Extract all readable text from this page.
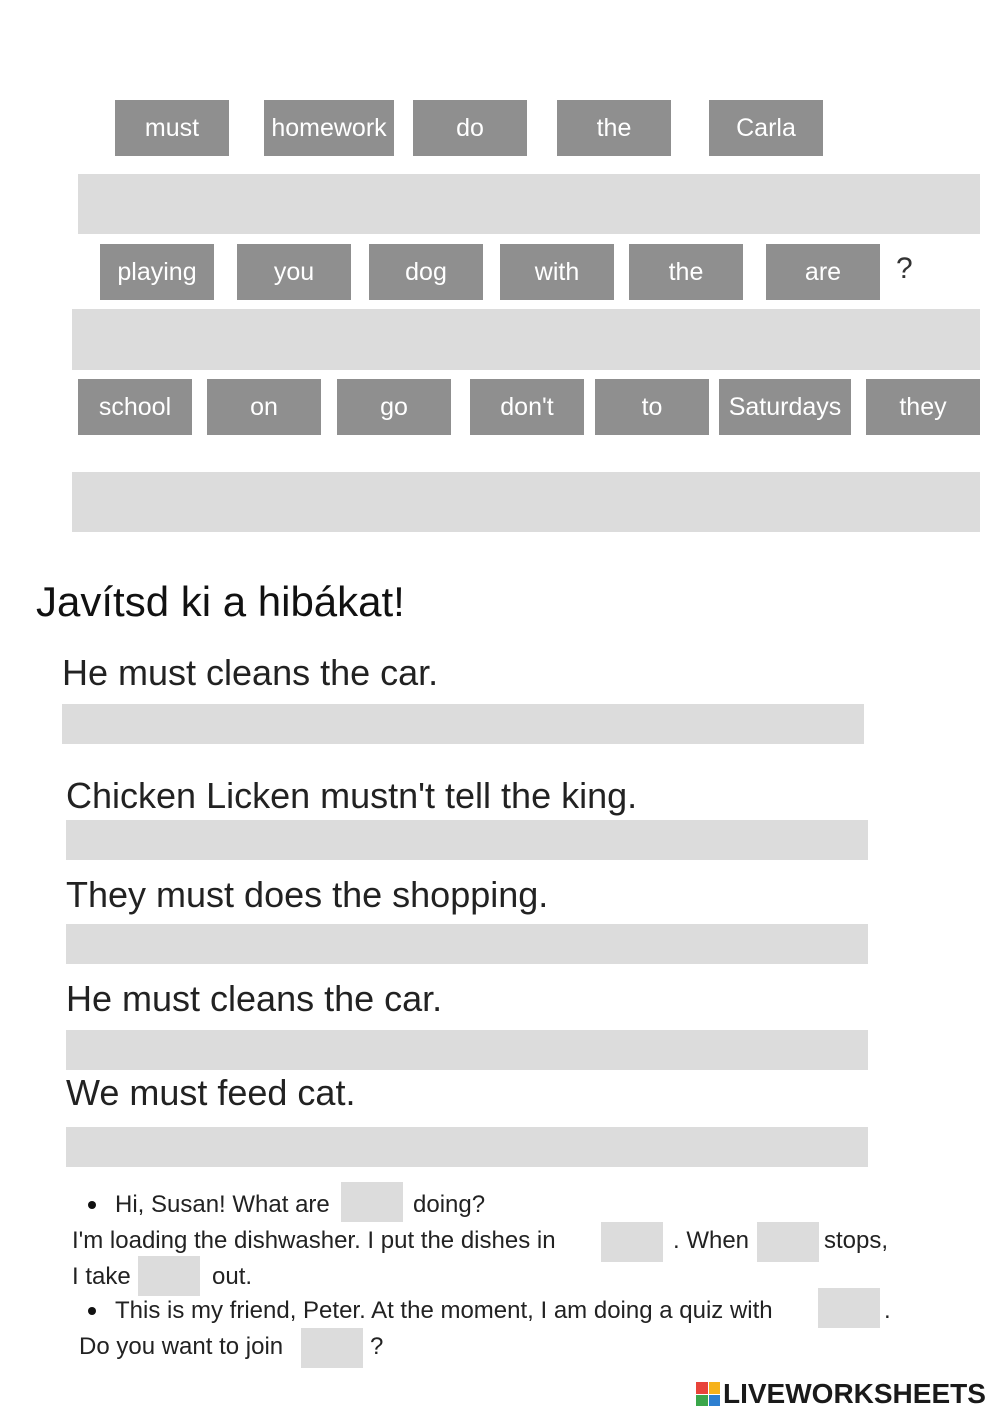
must	homework	do	the	Carla
playing	you	dog	with	the	are	?
school	on	go	don't	to	Saturdays	they
Javítsd ki a hibákat!

He must cleans the car.

Chicken Licken mustn't tell the king.

They must does the shopping.

He must cleans the car.

We must feed cat.

Hi, Susan! What are	doing?
I'm loading the dishwasher. I put the dishes in	. When	stops,
I take	out.
This is my friend, Peter. At the moment, I am doing a quiz with	.
Do you want to join	?
LIVEWORKSHEETS
